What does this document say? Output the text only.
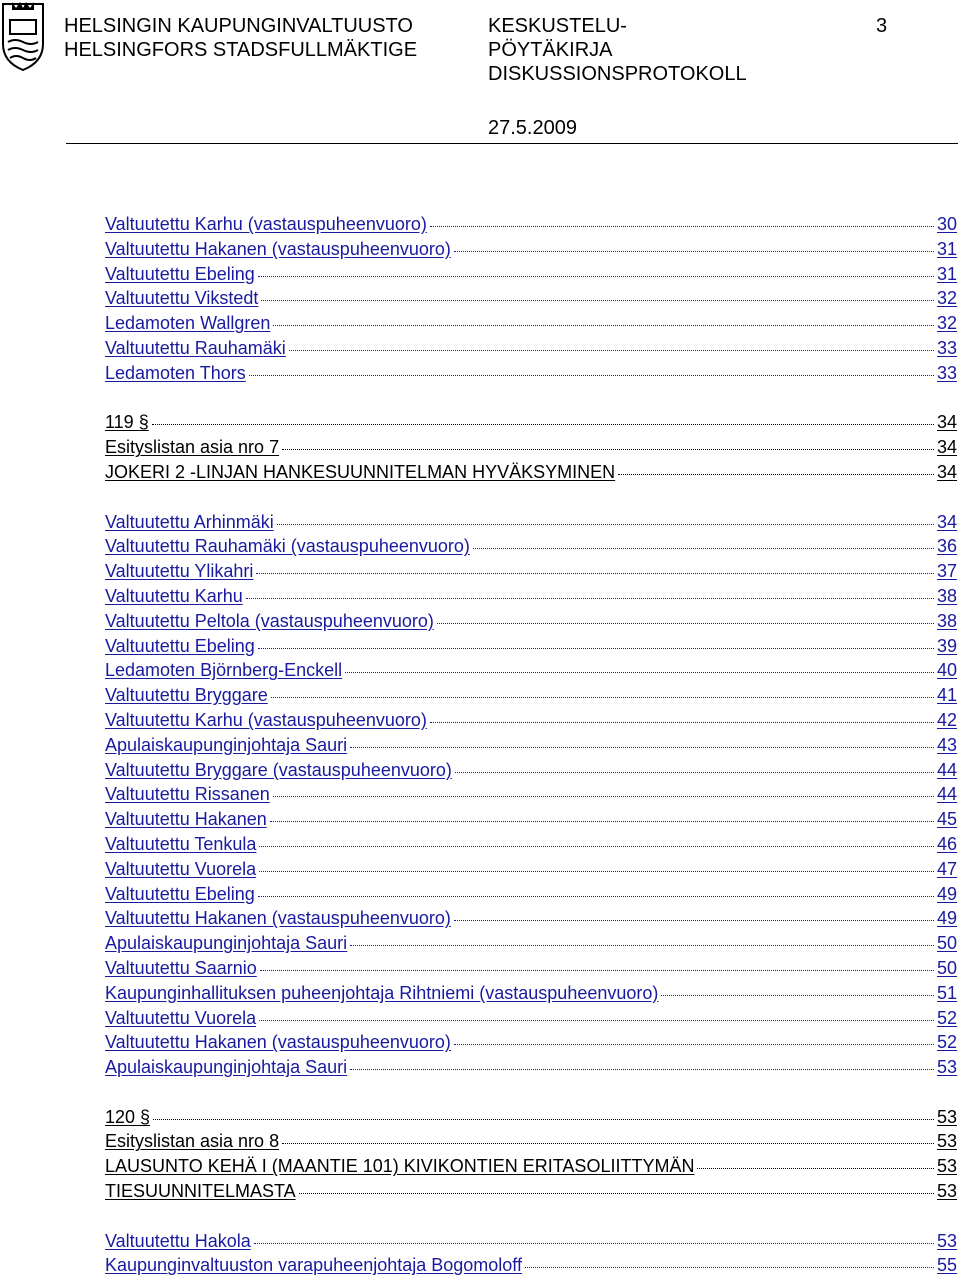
HELSINGIN KAUPUNGINVALTUUSTO
HELSINGFORS STADSFULLMÄKTIGE
KESKUSTELU-
PÖYTÄKIRJA
DISKUSSIONSPROTOKOLL
3
27.5.2009
Valtuutettu Karhu (vastauspuheenvuoro)	30
Valtuutettu Hakanen (vastauspuheenvuoro)	31
Valtuutettu Ebeling	31
Valtuutettu Vikstedt	32
Ledamoten Wallgren	32
Valtuutettu Rauhamäki	33
Ledamoten Thors	33
119 §	34
Esityslistan asia nro 7	34
JOKERI 2 -LINJAN HANKESUUNNITELMAN HYVÄKSYMINEN	34
Valtuutettu Arhinmäki	34
Valtuutettu Rauhamäki (vastauspuheenvuoro)	36
Valtuutettu Ylikahri	37
Valtuutettu Karhu	38
Valtuutettu Peltola (vastauspuheenvuoro)	38
Valtuutettu Ebeling	39
Ledamoten Björnberg-Enckell	40
Valtuutettu Bryggare	41
Valtuutettu Karhu (vastauspuheenvuoro)	42
Apulaiskaupunginjohtaja Sauri	43
Valtuutettu Bryggare (vastauspuheenvuoro)	44
Valtuutettu Rissanen	44
Valtuutettu Hakanen	45
Valtuutettu Tenkula	46
Valtuutettu Vuorela	47
Valtuutettu Ebeling	49
Valtuutettu Hakanen (vastauspuheenvuoro)	49
Apulaiskaupunginjohtaja Sauri	50
Valtuutettu Saarnio	50
Kaupunginhallituksen puheenjohtaja Rihtniemi (vastauspuheenvuoro)	51
Valtuutettu Vuorela	52
Valtuutettu Hakanen (vastauspuheenvuoro)	52
Apulaiskaupunginjohtaja Sauri	53
120 §	53
Esityslistan asia nro 8	53
LAUSUNTO KEHÄ I (MAANTIE 101) KIVIKONTIEN ERITASOLIITTYMÄN	53
TIESUUNNITELMASTA	53
Valtuutettu Hakola	53
Kaupunginvaltuuston varapuheenjohtaja Bogomoloff	55
